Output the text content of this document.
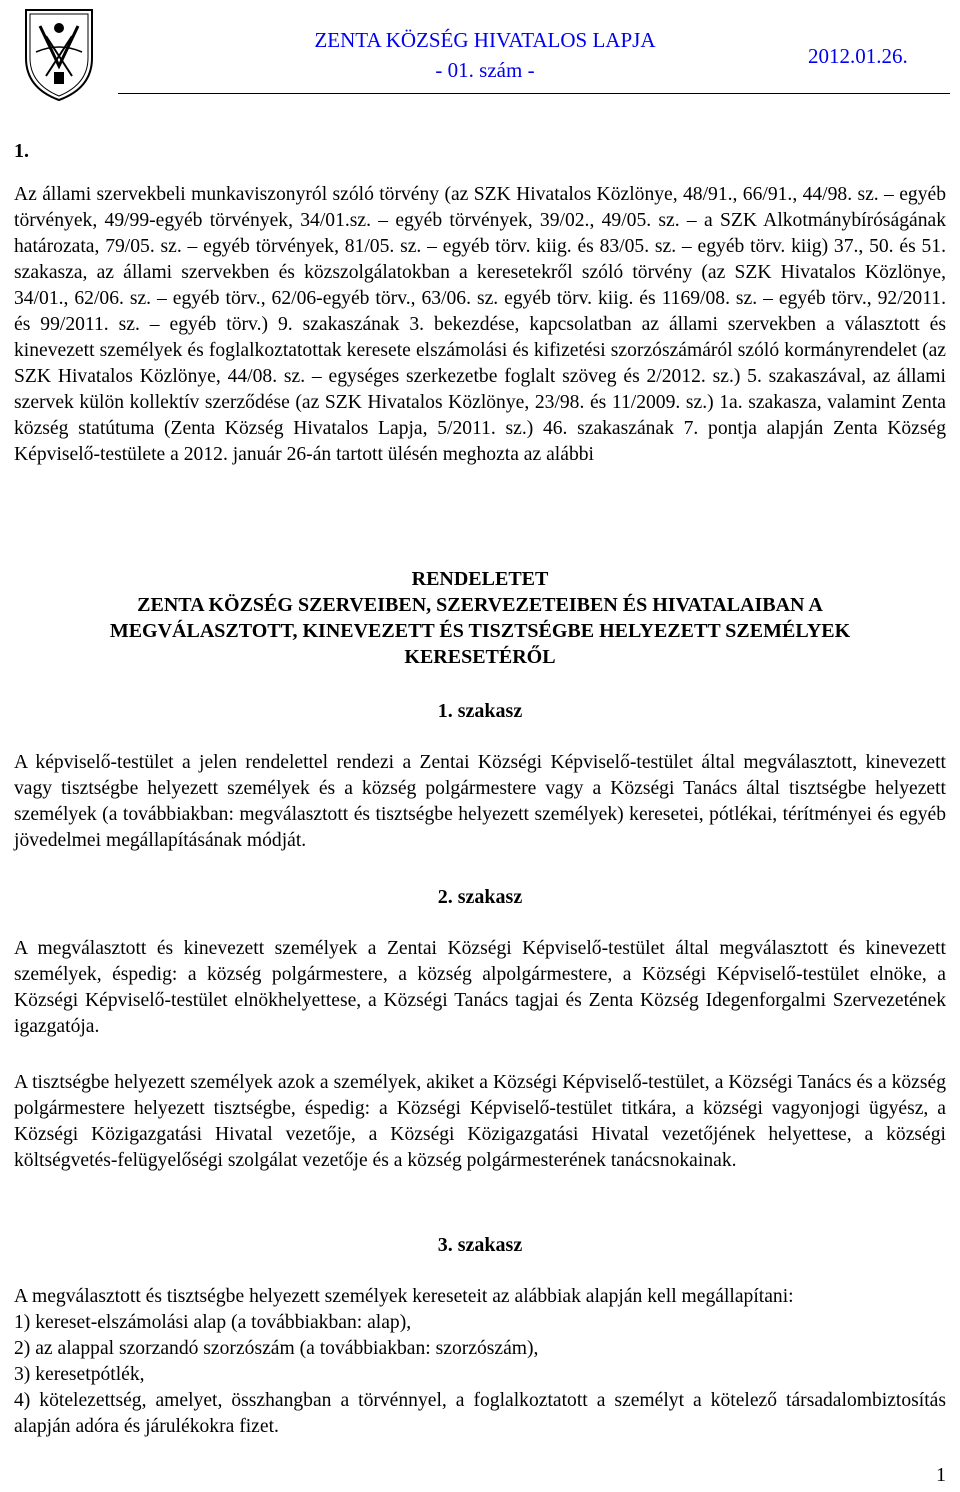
ZENTA KÖZSÉG HIVATALOS LAPJA
- 01. szám -
2012.01.26.
1.
Az állami szervekbeli munkaviszonyról szóló törvény (az SZK Hivatalos Közlönye, 48/91., 66/91., 44/98. sz. – egyéb törvények, 49/99-egyéb törvények, 34/01.sz. – egyéb törvények, 39/02., 49/05. sz. – a SZK Alkotmánybíróságának határozata, 79/05. sz. – egyéb törvények, 81/05. sz. – egyéb törv. kiig. és 83/05. sz. – egyéb törv. kiig) 37., 50. és 51. szakasza, az állami szervekben és közszolgálatokban a keresetekről szóló törvény (az SZK Hivatalos Közlönye, 34/01., 62/06. sz. – egyéb törv., 62/06-egyéb törv., 63/06. sz. egyéb törv. kiig. és 1169/08. sz. – egyéb törv., 92/2011. és 99/2011. sz. – egyéb törv.) 9. szakaszának 3. bekezdése, kapcsolatban az állami szervekben a választott és kinevezett személyek és foglalkoztatottak keresete elszámolási és kifizetési szorzószámáról szóló kormányrendelet (az SZK Hivatalos Közlönye, 44/08. sz. – egységes szerkezetbe foglalt szöveg és 2/2012. sz.) 5. szakaszával, az állami szervek külön kollektív szerződése (az SZK Hivatalos Közlönye, 23/98. és 11/2009. sz.) 1a. szakasza, valamint Zenta község statútuma (Zenta Község Hivatalos Lapja, 5/2011. sz.) 46. szakaszának 7. pontja alapján Zenta Község Képviselő-testülete a 2012. január 26-án tartott ülésén meghozta az alábbi
RENDELETET
ZENTA KÖZSÉG SZERVEIBEN, SZERVEZETEIBEN ÉS HIVATALAIBAN A
MEGVÁLASZTOTT, KINEVEZETT ÉS TISZTSÉGBE HELYEZETT SZEMÉLYEK
KERESETÉRŐL
1. szakasz
A képviselő-testület a jelen rendelettel rendezi a Zentai Községi Képviselő-testület által megválasztott, kinevezett vagy tisztségbe helyezett személyek és a község polgármestere vagy a Községi Tanács által tisztségbe helyezett személyek (a továbbiakban: megválasztott és tisztségbe helyezett személyek) keresetei, pótlékai, térítményei és egyéb jövedelmei megállapításának módját.
2. szakasz
A megválasztott és kinevezett személyek a Zentai Községi Képviselő-testület által megválasztott és kinevezett személyek, éspedig: a község polgármestere, a község alpolgármestere, a Községi Képviselő-testület elnöke, a Községi Képviselő-testület elnökhelyettese, a Községi Tanács tagjai és Zenta Község Idegenforgalmi Szervezetének igazgatója.
A tisztségbe helyezett személyek azok a személyek, akiket a Községi Képviselő-testület, a Községi Tanács és a község polgármestere helyezett tisztségbe, éspedig: a Községi Képviselő-testület titkára, a községi vagyonjogi ügyész, a Községi Közigazgatási Hivatal vezetője, a Községi Közigazgatási Hivatal vezetőjének helyettese, a községi költségvetés-felügyelőségi szolgálat vezetője és a község polgármesterének tanácsnokainak.
3. szakasz
A megválasztott és tisztségbe helyezett személyek kereseteit az alábbiak alapján kell megállapítani:
1) kereset-elszámolási alap (a továbbiakban: alap),
2) az alappal szorzandó szorzószám (a továbbiakban: szorzószám),
3) keresetpótlék,
4) kötelezettség, amelyet, összhangban a törvénnyel, a foglalkoztatott a személyt a kötelező társadalombiztosítás alapján adóra és járulékokra fizet.
1
